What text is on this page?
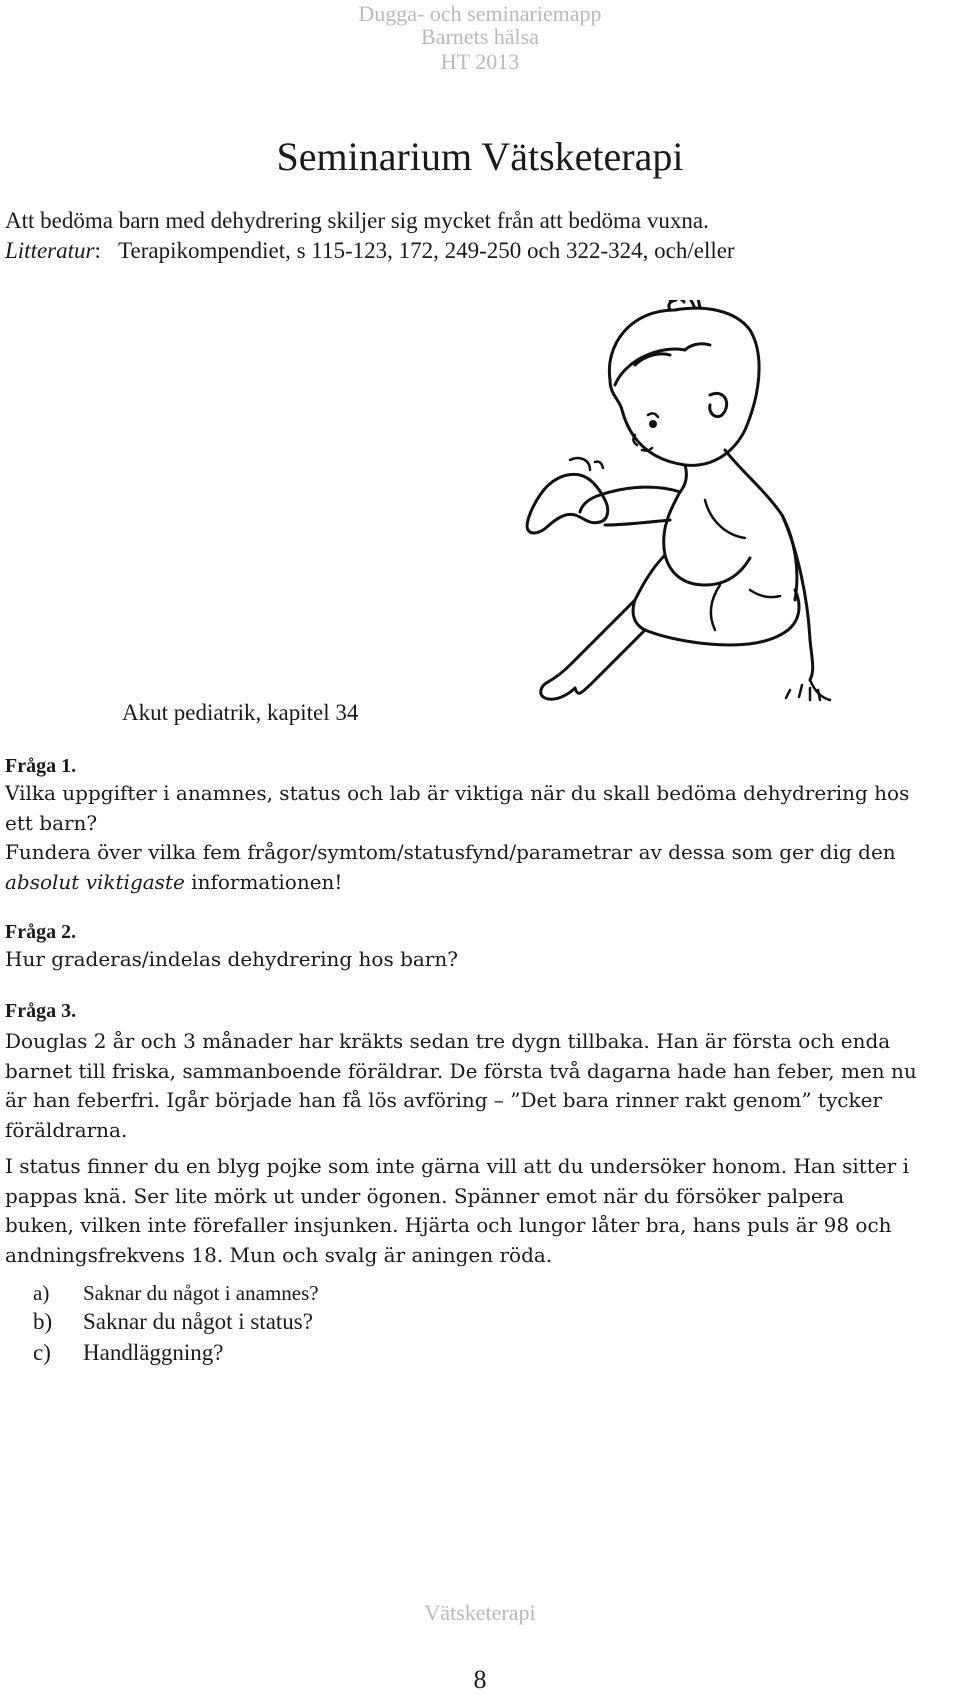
Dugga- och seminariemapp
Barnets hälsa
HT 2013
Seminarium Vätsketerapi
Att bedöma barn med dehydrering skiljer sig mycket från att bedöma vuxna.
Litteratur: Terapikompendiet, s 115-123, 172, 249-250 och 322-324, och/eller
Akut pediatrik, kapitel 34
Fråga 1.
Vilka uppgifter i anamnes, status och lab är viktiga när du skall bedöma dehydrering hos
ett barn?
Fundera över vilka fem frågor/symtom/statusfynd/parametrar av dessa som ger dig den
absolut viktigaste informationen!
Fråga 2.
Hur graderas/indelas dehydrering hos barn?
Fråga 3.
Douglas 2 år och 3 månader har kräkts sedan tre dygn tillbaka. Han är första och enda
barnet till friska, sammanboende föräldrar. De första två dagarna hade han feber, men nu
är han feberfri. Igår började han få lös avföring – ”Det bara rinner rakt genom” tycker
föräldrarna.
I status finner du en blyg pojke som inte gärna vill att du undersöker honom. Han sitter i
pappas knä. Ser lite mörk ut under ögonen. Spänner emot när du försöker palpera
buken, vilken inte förefaller insjunken. Hjärta och lungor låter bra, hans puls är 98 och
andningsfrekvens 18. Mun och svalg är aningen röda.
a) Saknar du något i anamnes?
b) Saknar du något i status?
c) Handläggning?
Vätsketerapi
8
